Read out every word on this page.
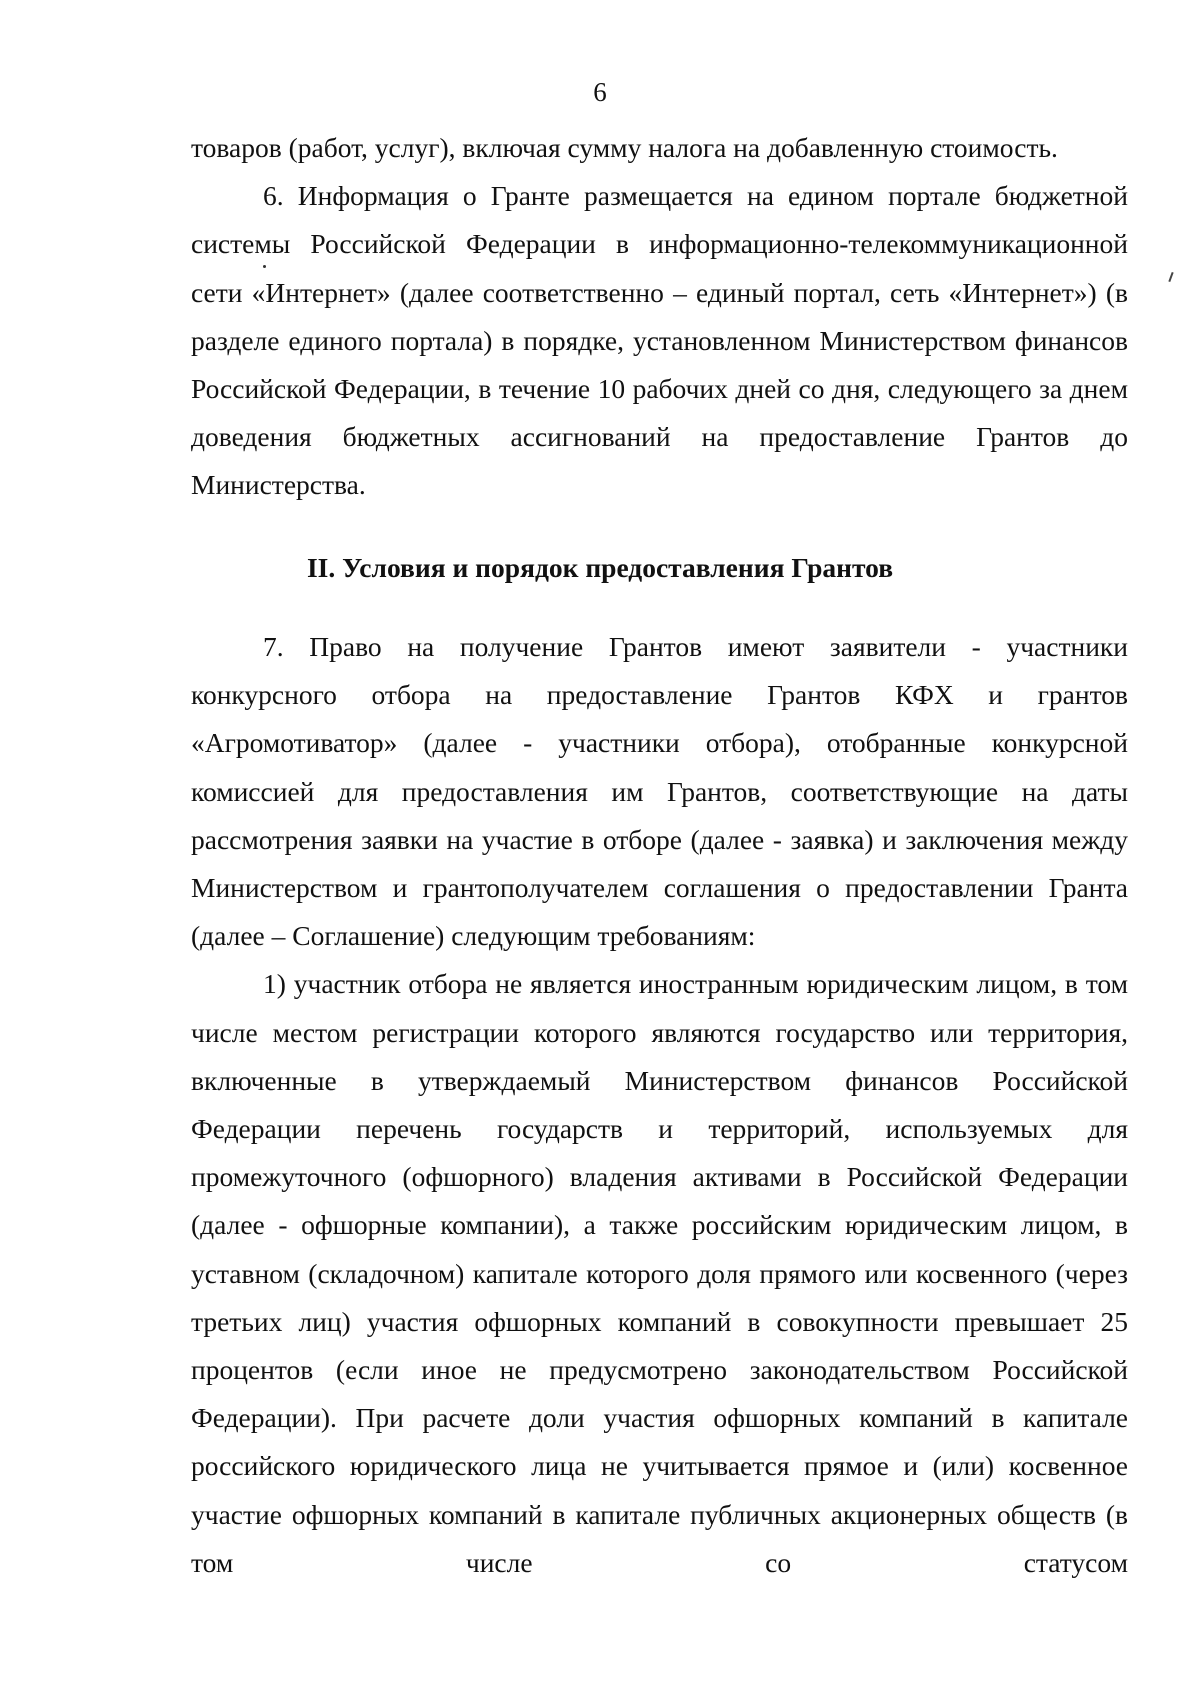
6

товаров (работ, услуг), включая сумму налога на добавленную стоимость.

6. Информация о Гранте размещается на едином портале бюджетной системы Российской Федерации в информационно-телекоммуникационной сети «Интернет» (далее соответственно – единый портал, сеть «Интернет») (в разделе единого портала) в порядке, установленном Министерством финансов Российской Федерации, в течение 10 рабочих дней со дня, следующего за днем доведения бюджетных ассигнований на предоставление Грантов до Министерства.

II. Условия и порядок предоставления Грантов

7. Право на получение Грантов имеют заявители - участники конкурсного отбора на предоставление Грантов КФХ и грантов «Агромотиватор» (далее - участники отбора), отобранные конкурсной комиссией для предоставления им Грантов, соответствующие на даты рассмотрения заявки на участие в отборе (далее - заявка) и заключения между Министерством и грантополучателем соглашения о предоставлении Гранта (далее – Соглашение) следующим требованиям:

1) участник отбора не является иностранным юридическим лицом, в том числе местом регистрации которого являются государство или территория, включенные в утверждаемый Министерством финансов Российской Федерации перечень государств и территорий, используемых для промежуточного (офшорного) владения активами в Российской Федерации (далее - офшорные компании), а также российским юридическим лицом, в уставном (складочном) капитале которого доля прямого или косвенного (через третьих лиц) участия офшорных компаний в совокупности превышает 25 процентов (если иное не предусмотрено законодательством Российской Федерации). При расчете доли участия офшорных компаний в капитале российского юридического лица не учитывается прямое и (или) косвенное участие офшорных компаний в капитале публичных акционерных обществ (в том числе со статусом
